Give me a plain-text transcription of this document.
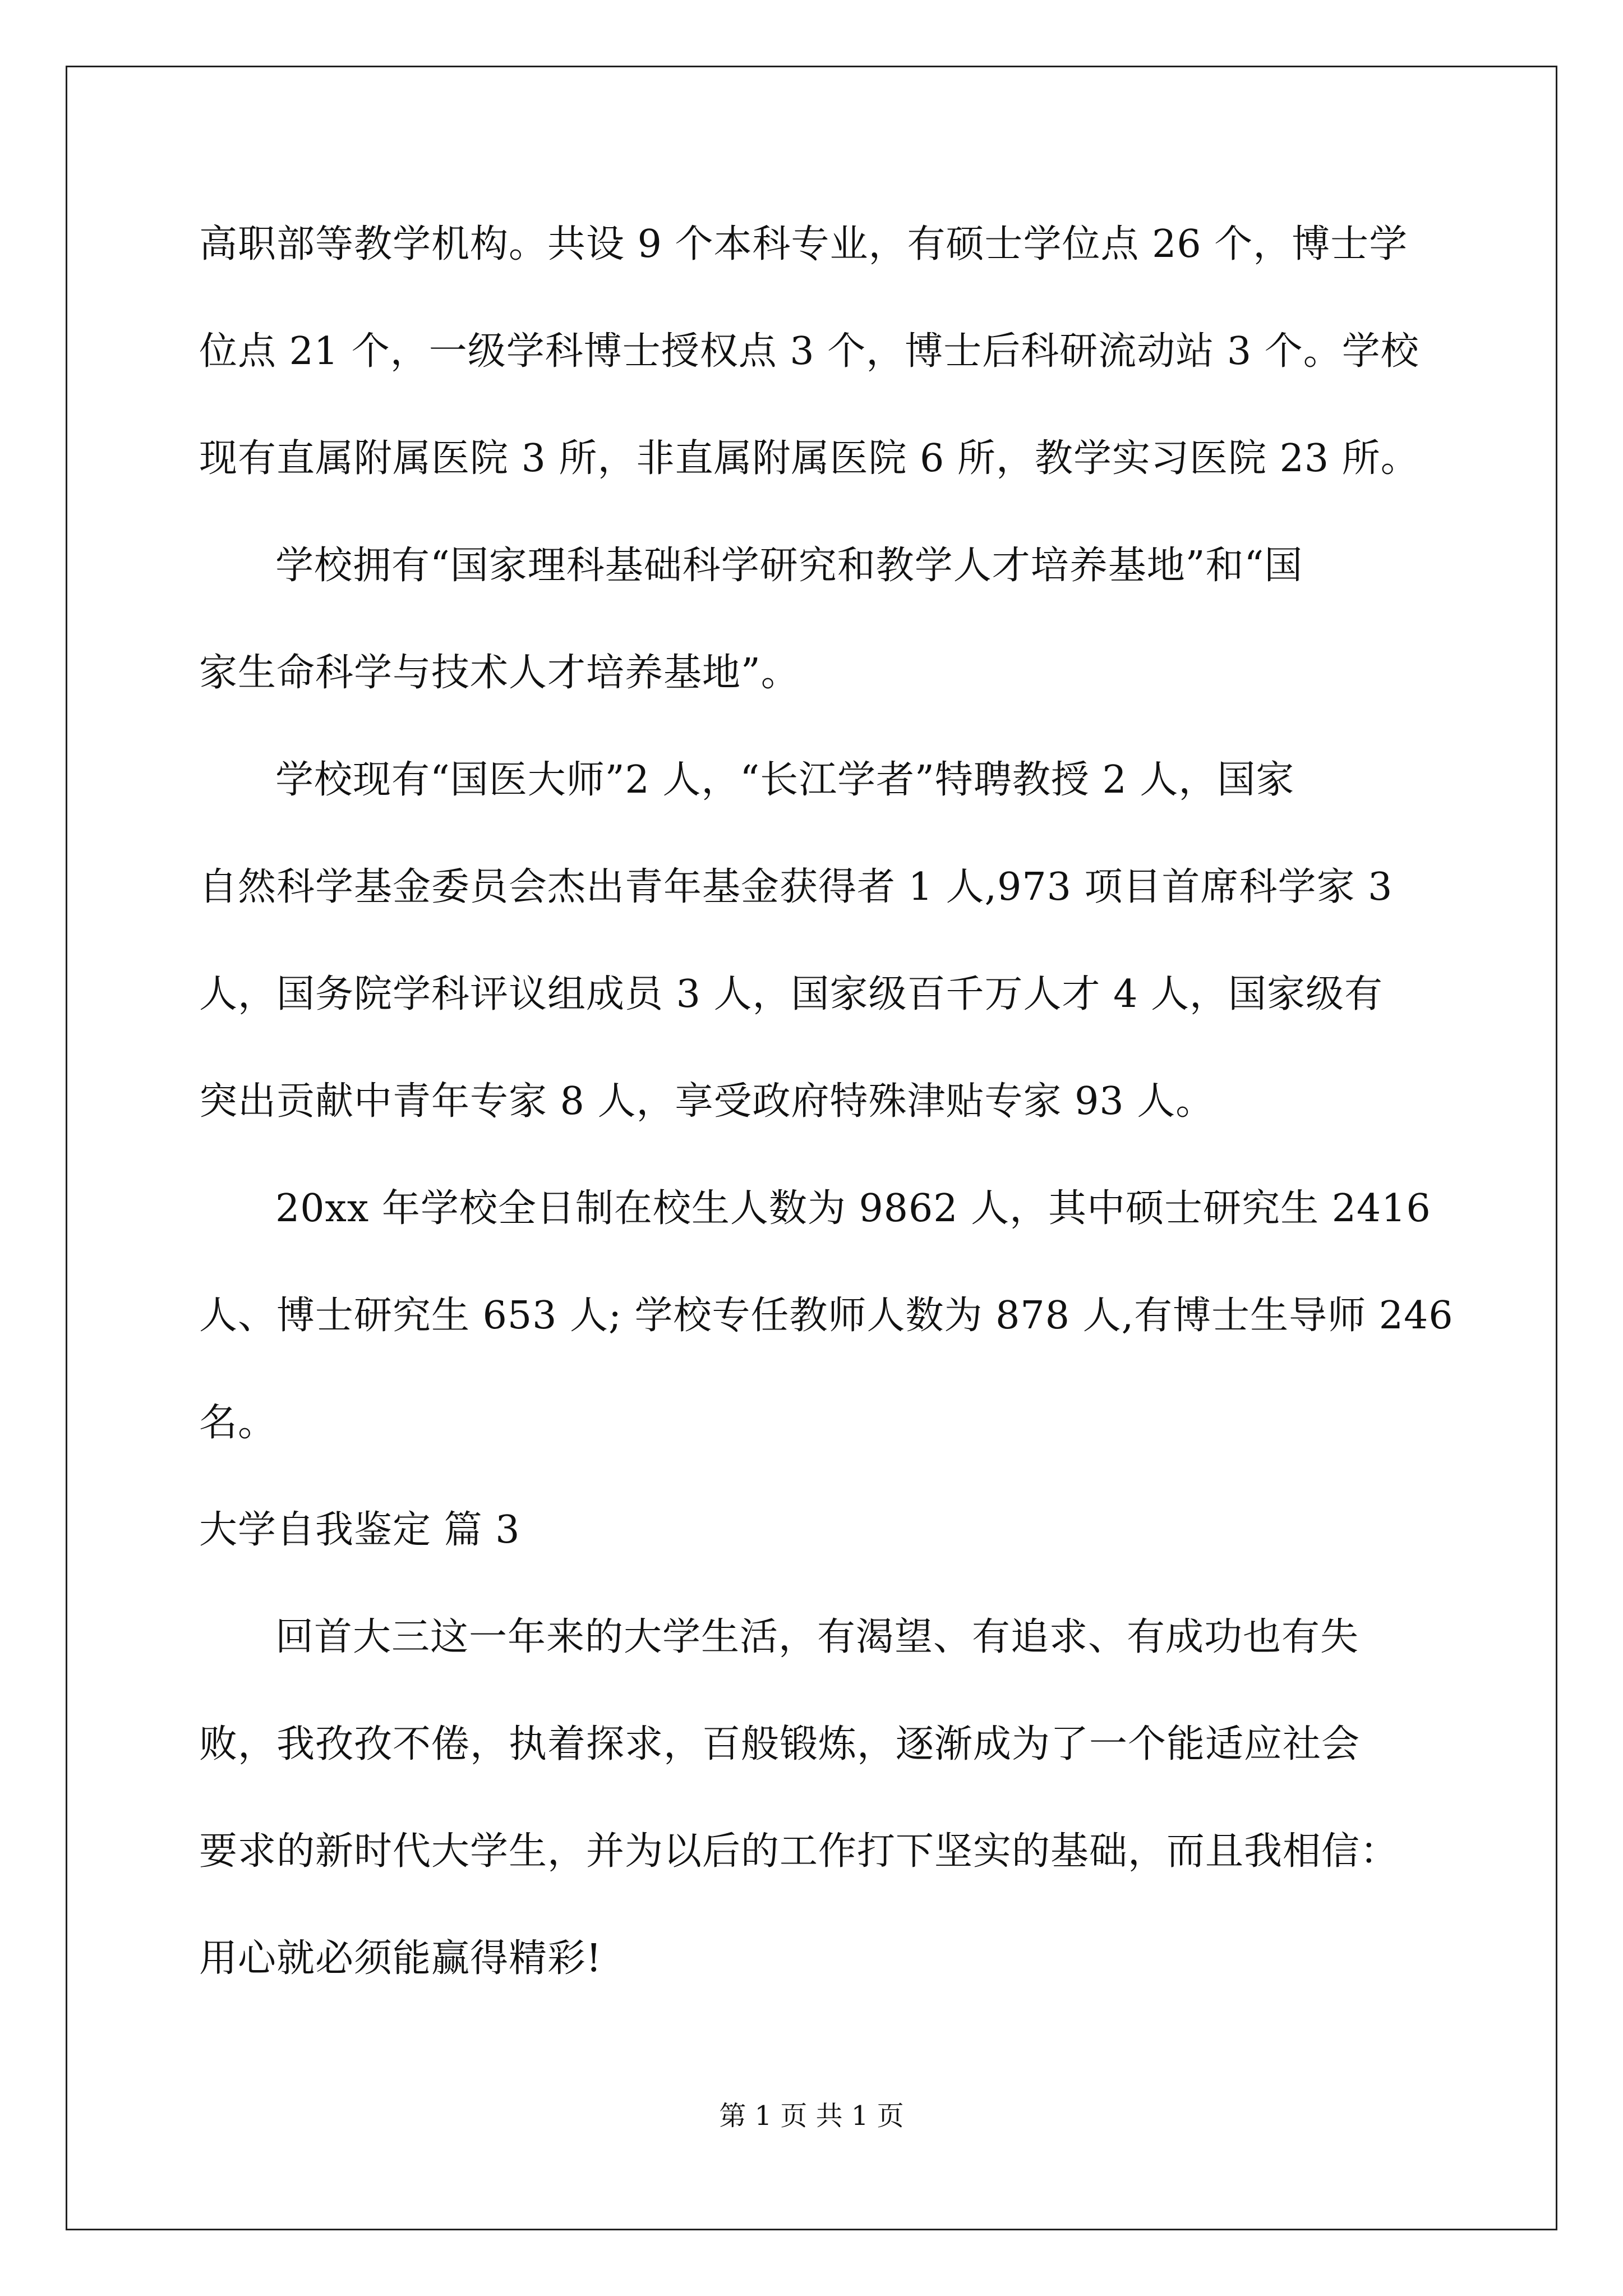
高职部等教学机构。共设 9 个本科专业，有硕士学位点 26 个，博士学
位点 21 个，一级学科博士授权点 3 个，博士后科研流动站 3 个。学校
现有直属附属医院 3 所，非直属附属医院 6 所，教学实习医院 23 所。
学校拥有“国家理科基础科学研究和教学人才培养基地”和“国
家生命科学与技术人才培养基地”。
学校现有“国医大师”2 人，“长江学者”特聘教授 2 人，国家
自然科学基金委员会杰出青年基金获得者 1 人,973 项目首席科学家 3
人，国务院学科评议组成员 3 人，国家级百千万人才 4 人，国家级有
突出贡献中青年专家 8 人，享受政府特殊津贴专家 93 人。
20xx 年学校全日制在校生人数为 9862 人，其中硕士研究生 2416
人、博士研究生 653 人; 学校专任教师人数为 878 人,有博士生导师 246
名。
大学自我鉴定 篇 3
回首大三这一年来的大学生活，有渴望、有追求、有成功也有失
败，我孜孜不倦，执着探求，百般锻炼，逐渐成为了一个能适应社会
要求的新时代大学生，并为以后的工作打下坚实的基础，而且我相信：
用心就必须能赢得精彩!
第 1 页 共 1 页
